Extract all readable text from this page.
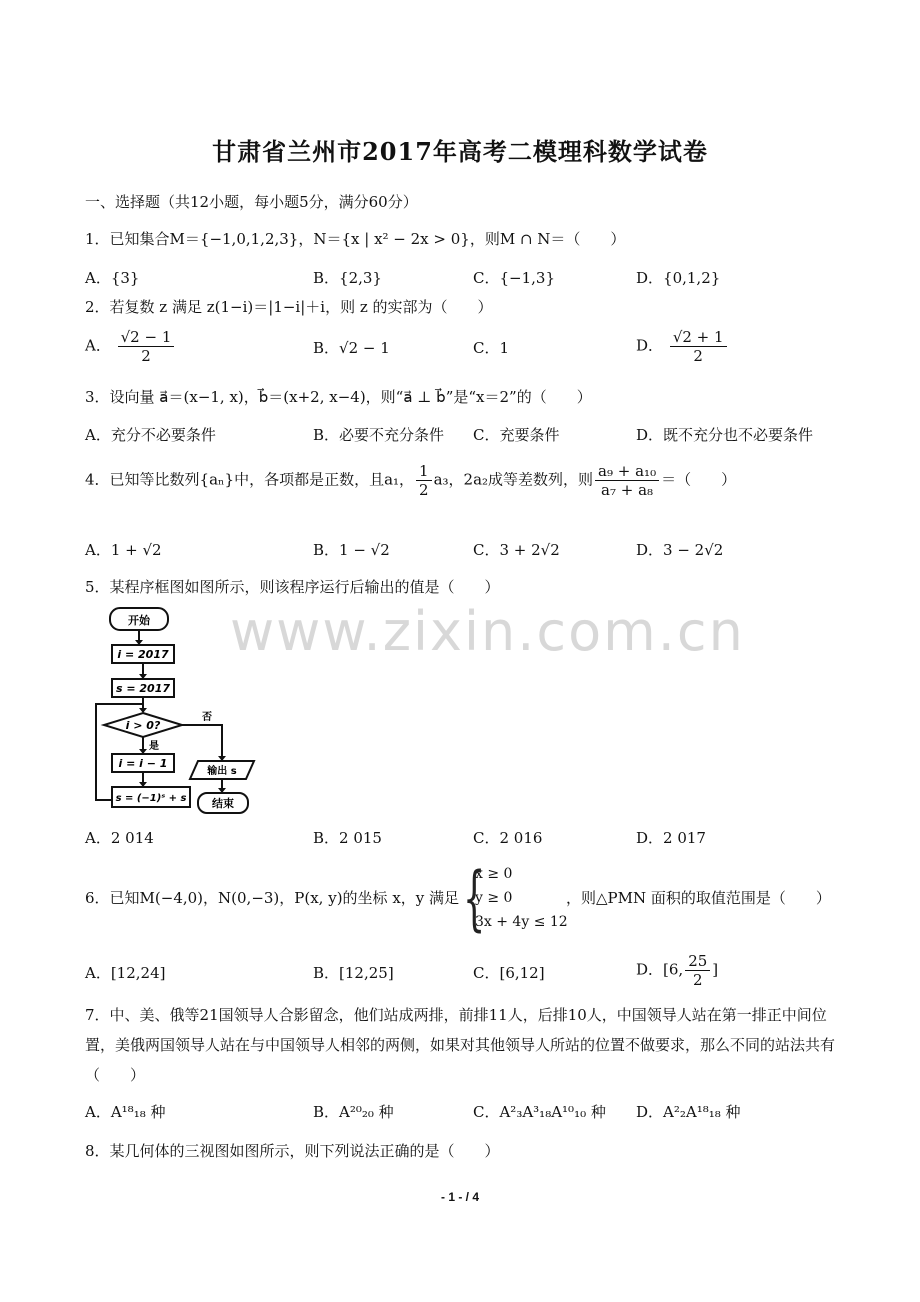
甘肃省兰州市2017年高考二模理科数学试卷
一、选择题（共12小题，每小题5分，满分60分）
1．已知集合M＝{−1,0,1,2,3}，N＝{x | x² − 2x > 0}，则M ∩ N＝（　　）
A．{3}	B．{2,3}	C．{−1,3}	D．{0,1,2}
2．若复数 z 满足 z(1−i)＝|1−i|＋i，则 z 的实部为（　　）
A． $\frac{√2 - 1}{2}$	B．√2 − 1	C．1	D． $\frac{√2 + 1}{2}$
3．设向量 a⃗＝(x−1, x)，b⃗＝(x+2, x−4)，则“a⃗ ⊥ b⃗”是“x＝2”的（　　）
A．充分不必要条件	B．必要不充分条件 C．充要条件	D．既不充分也不必要条件
4．已知等比数列{aₙ}中，各项都是正数，且a₁， $\frac{1}{2} a_3$，2a₂成等差数列，则 $\frac{\text{a₉ + a₁₀}}{\text{a₇ + a₈}}$ ＝（　　）
A．1 + √2	B．1 − √2	C．3 + 2√2	D．3 − 2√2
5．某程序框图如图所示，则该程序运行后输出的值是（　　）
www.zixin.com.cn
开始
i = 2017
s = 2017
i > 0?
否
是
i = i − 1
s = (−1)ˢ + s
输出 s
结束
A．2 014	B．2 015	C．2 016	D．2 017
6．已知M(−4,0)，N(0,−3)，P(x, y)的坐标 x，y 满足 {
x ≥ 0
y ≥ 0
3x + 4y ≤ 12
，则△PMN 面积的取值范围是（　　）
A．[12,24]	B．[12,25]	C．[6,12]	D．[6, $\frac{25}{2}$ ]
7．中、美、俄等21国领导人合影留念，他们站成两排，前排11人，后排10人，中国领导人站在第一排正中间位置，美俄两国领导人站在与中国领导人相邻的两侧，如果对其他领导人所站的位置不做要求，那么不同的站法共有（　　）
A．A¹⁸₁₈ 种	B．A²⁰₂₀ 种	C．A²₃A³₁₈A¹⁰₁₀ 种 D．A²₂A¹⁸₁₈ 种
8．某几何体的三视图如图所示，则下列说法正确的是（　　）
- 1 - / 4
